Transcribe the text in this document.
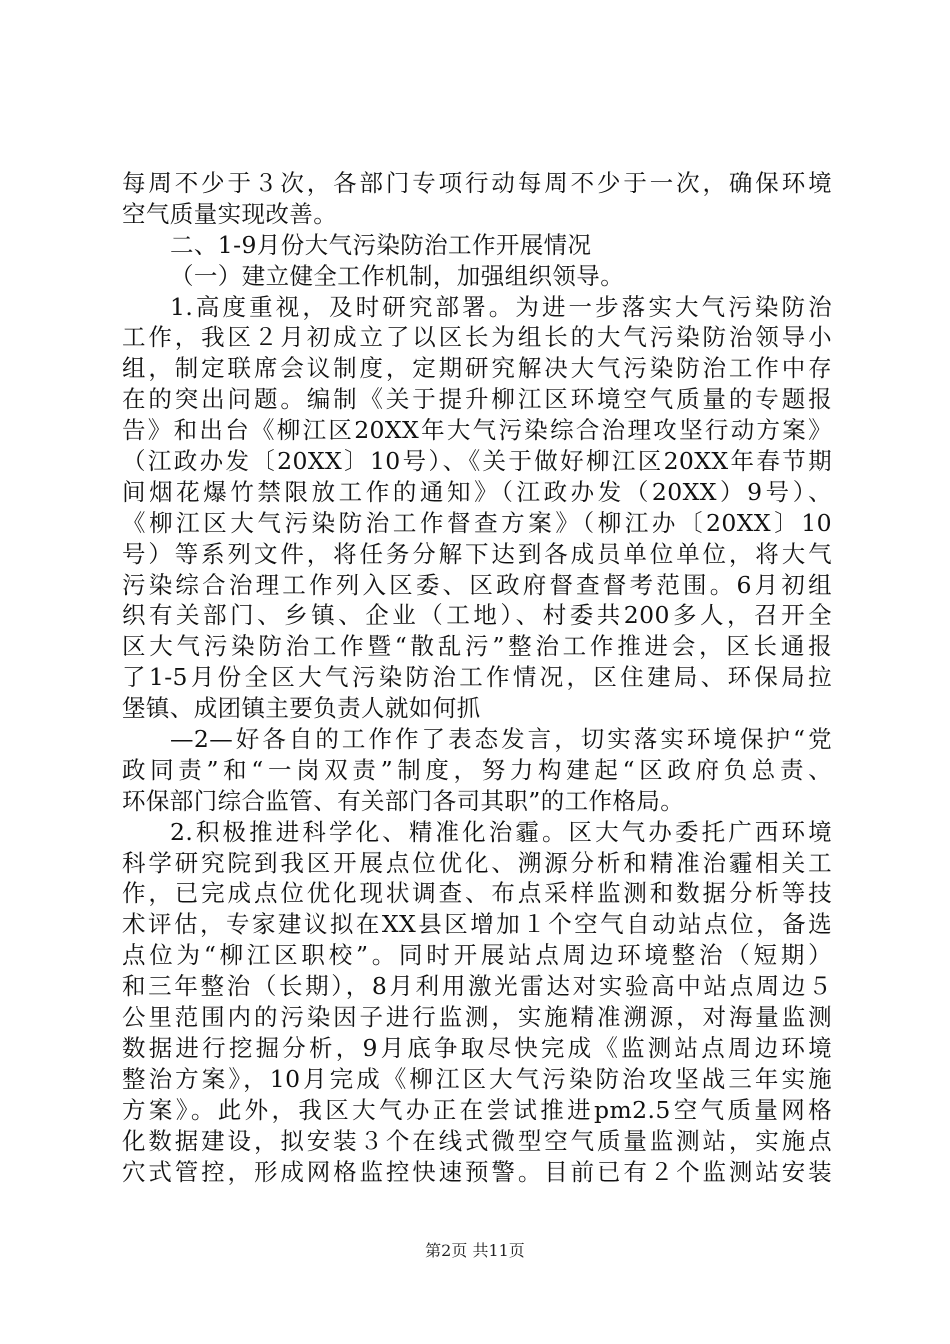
每周不少于３次，各部门专项行动每周不少于一次，确保环境
空气质量实现改善。
二、1-9月份大气污染防治工作开展情况
（一）建立健全工作机制，加强组织领导。
1.高度重视，及时研究部署。为进一步落实大气污染防治
工作，我区２月初成立了以区长为组长的大气污染防治领导小
组，制定联席会议制度，定期研究解决大气污染防治工作中存
在的突出问题。编制《关于提升柳江区环境空气质量的专题报
告》和出台《柳江区20XX年大气污染综合治理攻坚行动方案》
（江政办发〔20XX〕10号）、《关于做好柳江区20XX年春节期
间烟花爆竹禁限放工作的通知》（江政办发（20XX）9号）、
《柳江区大气污染防治工作督查方案》（柳江办〔20XX〕10
号）等系列文件，将任务分解下达到各成员单位单位，将大气
污染综合治理工作列入区委、区政府督查督考范围。6月初组
织有关部门、乡镇、企业（工地）、村委共200多人，召开全
区大气污染防治工作暨“散乱污”整治工作推进会，区长通报
了1-5月份全区大气污染防治工作情况，区住建局、环保局拉
堡镇、成团镇主要负责人就如何抓
—2—好各自的工作作了表态发言，切实落实环境保护“党
政同责”和“一岗双责”制度，努力构建起“区政府负总责、
环保部门综合监管、有关部门各司其职”的工作格局。
2.积极推进科学化、精准化治霾。区大气办委托广西环境
科学研究院到我区开展点位优化、溯源分析和精准治霾相关工
作，已完成点位优化现状调查、布点采样监测和数据分析等技
术评估，专家建议拟在XX县区增加１个空气自动站点位，备选
点位为“柳江区职校”。同时开展站点周边环境整治（短期）
和三年整治（长期），8月利用激光雷达对实验高中站点周边５
公里范围内的污染因子进行监测，实施精准溯源，对海量监测
数据进行挖掘分析，9月底争取尽快完成《监测站点周边环境
整治方案》，10月完成《柳江区大气污染防治攻坚战三年实施
方案》。此外，我区大气办正在尝试推进pm2.5空气质量网格
化数据建设，拟安装３个在线式微型空气质量监测站，实施点
穴式管控，形成网格监控快速预警。目前已有２个监测站安装
第2页 共11页
